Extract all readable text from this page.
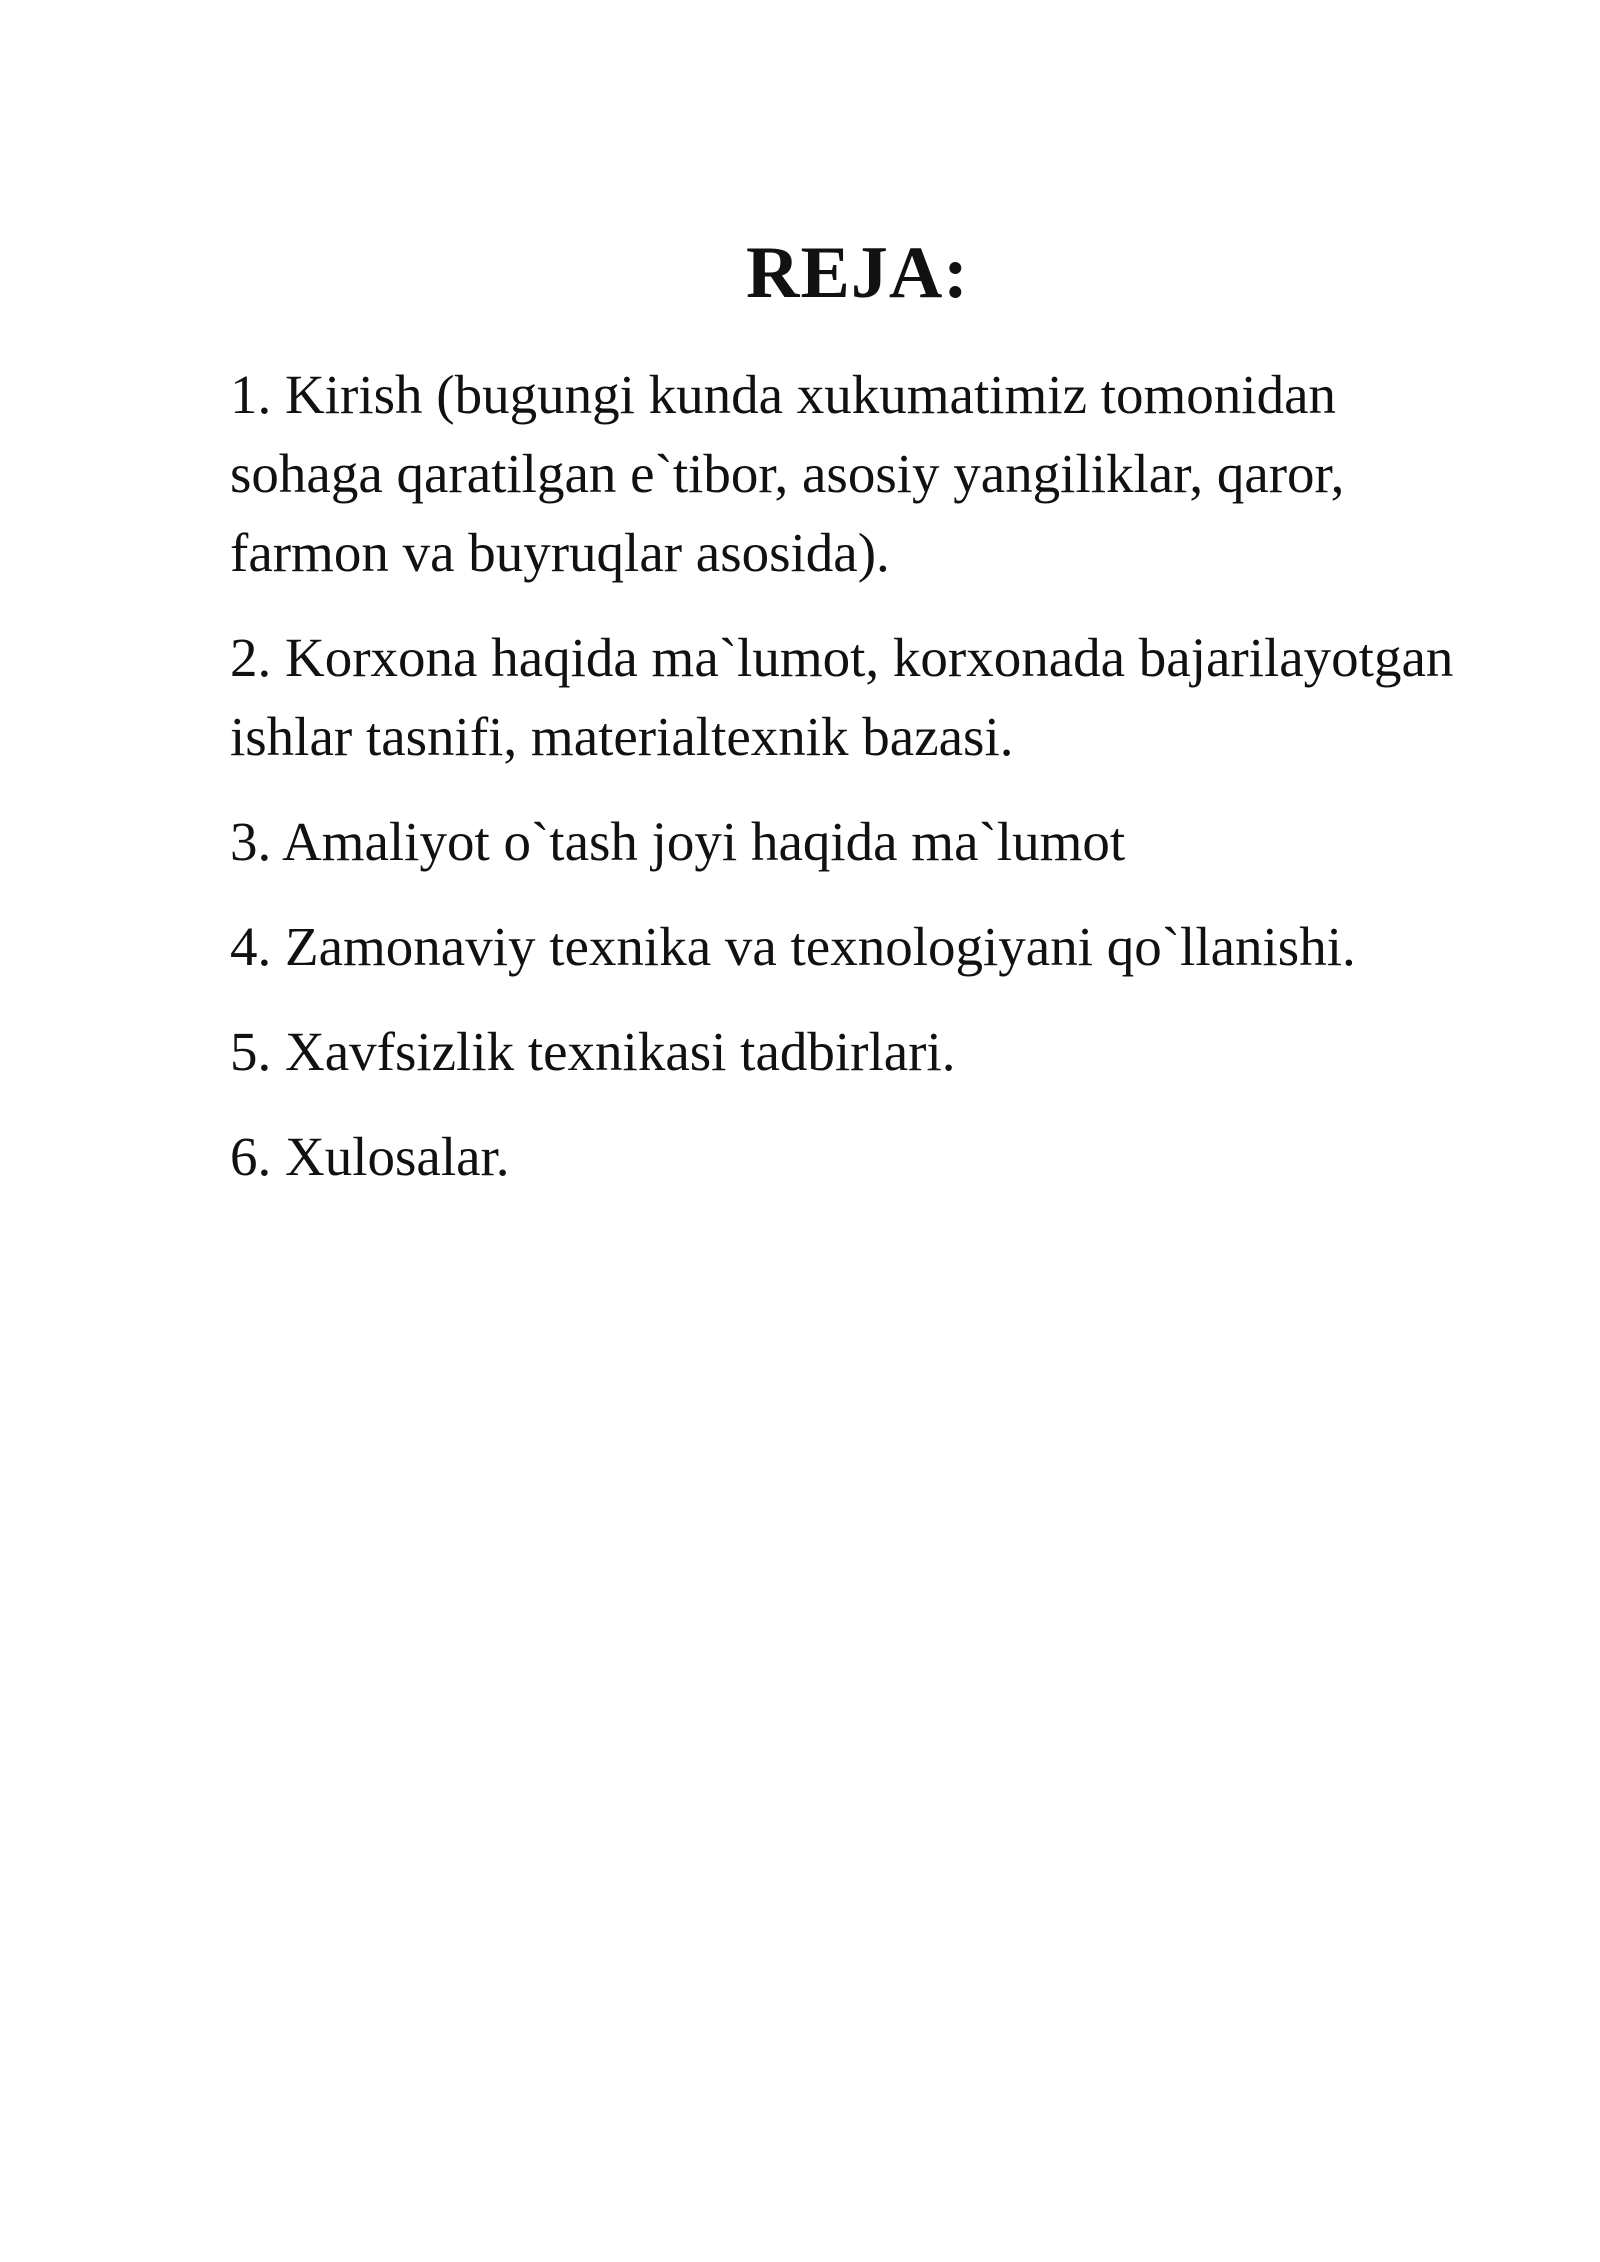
REJA:
1. Kirish (bugungi kunda xukumatimiz tomonidan sohaga qaratilgan e`tibor, asosiy yangiliklar, qaror, farmon va buyruqlar asosida).
2. Korxona haqida ma`lumot, korxonada bajarilayotgan ishlar tasnifi, materialtexnik bazasi.
3. Amaliyot o`tash joyi haqida ma`lumot
4. Zamonaviy texnika va texnologiyani qo`llanishi.
5. Xavfsizlik texnikasi tadbirlari.
6. Xulosalar.
